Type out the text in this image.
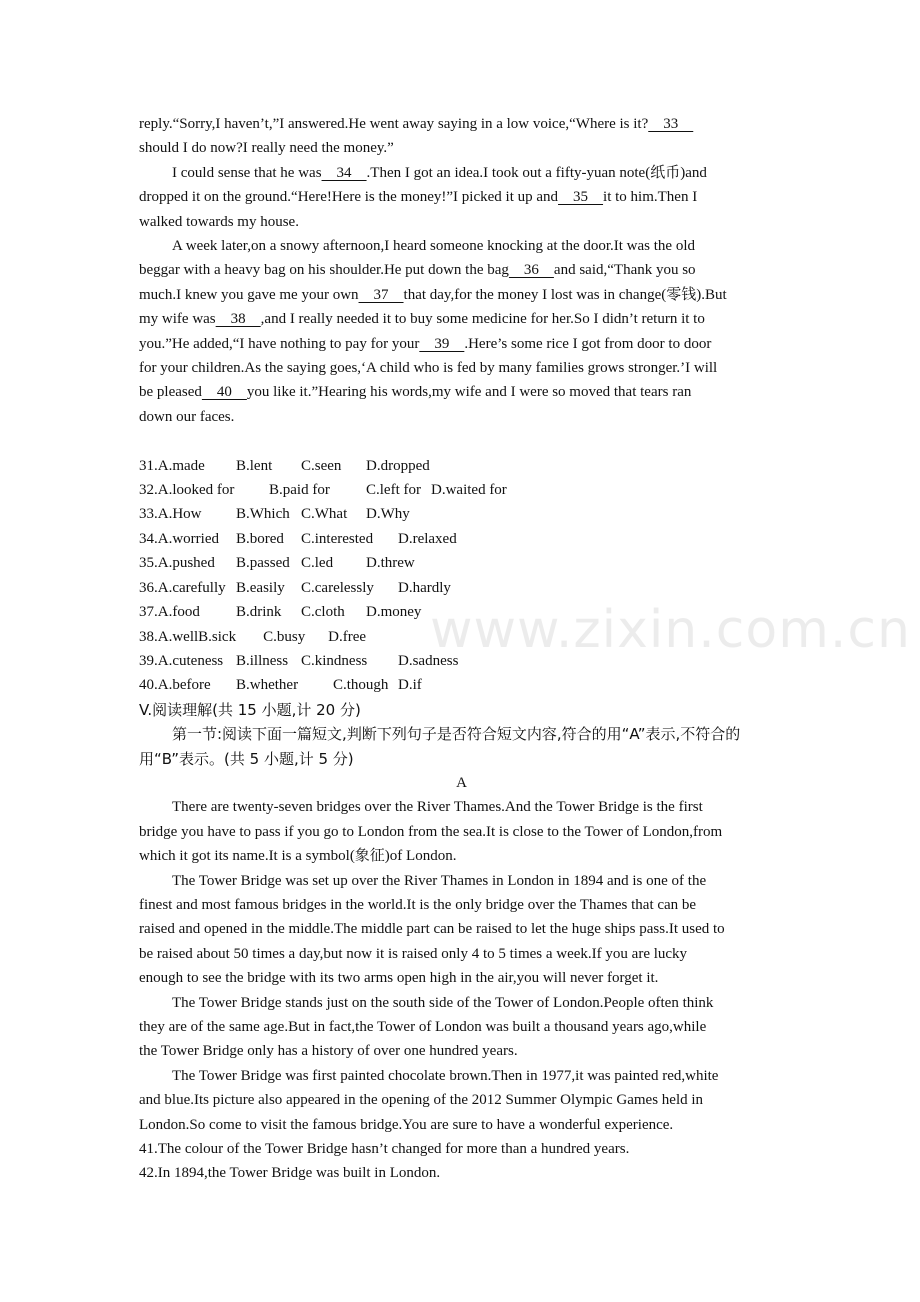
reply.“Sorry,I haven’t,”I answered.He went away saying in a low voice,“Where is it?    33
should I do now?I really need the money.”
I could sense that he was    34    .Then I got an idea.I took out a fifty-yuan note(纸币)and
dropped it on the ground.“Here!Here is the money!”I picked it up and    35    it to him.Then I
walked towards my house.
A week later,on a snowy afternoon,I heard someone knocking at the door.It was the old
beggar with a heavy bag on his shoulder.He put down the bag    36    and said,“Thank you so
much.I knew you gave me your own    37    that day,for the money I lost was in change(零钱).But
my wife was    38    ,and I really needed it to buy some medicine for her.So I didn’t return it to
you.”He added,“I have nothing to pay for your    39    .Here’s some rice I got from door to door
for your children.As the saying goes,‘A child who is fed by many families grows stronger.’I will
be pleased    40    you like it.”Hearing his words,my wife and I were so moved that tears ran
down our faces.
31.A.made	B.lent	C.seen	D.dropped
32.A.looked for	B.paid for	C.left for D.waited for
33.A.How	B.Which C.What	D.Why
34.A.worried	B.bored	C.interested	D.relaxed
35.A.pushed	B.passed C.led	D.threw
36.A.carefully B.easily	C.carelessly	D.hardly
37.A.food	B.drink	C.cloth	D.money
38.A.well B.sick	C.busy	D.free
39.A.cuteness B.illness C.kindness	D.sadness
40.A.before	B.whether	C.though D.if
V.阅读理解(共 15 小题,计 20 分)
第一节:阅读下面一篇短文,判断下列句子是否符合短文内容,符合的用“A”表示,不符合的
用“B”表示。(共 5 小题,计 5 分)
A
There are twenty-seven bridges over the River Thames.And the Tower Bridge is the first
bridge you have to pass if you go to London from the sea.It is close to the Tower of London,from
which it got its name.It is a symbol(象征)of London.
The Tower Bridge was set up over the River Thames in London in 1894 and is one of the
finest and most famous bridges in the world.It is the only bridge over the Thames that can be
raised and opened in the middle.The middle part can be raised to let the huge ships pass.It used to
be raised about 50 times a day,but now it is raised only 4 to 5 times a week.If you are lucky
enough to see the bridge with its two arms open high in the air,you will never forget it.
The Tower Bridge stands just on the south side of the Tower of London.People often think
they are of the same age.But in fact,the Tower of London was built a thousand years ago,while
the Tower Bridge only has a history of over one hundred years.
The Tower Bridge was first painted chocolate brown.Then in 1977,it was painted red,white
and blue.Its picture also appeared in the opening of the 2012 Summer Olympic Games held in
London.So come to visit the famous bridge.You are sure to have a wonderful experience.
41.The colour of the Tower Bridge hasn’t changed for more than a hundred years.
42.In 1894,the Tower Bridge was built in London.
www.zixin.com.cn
